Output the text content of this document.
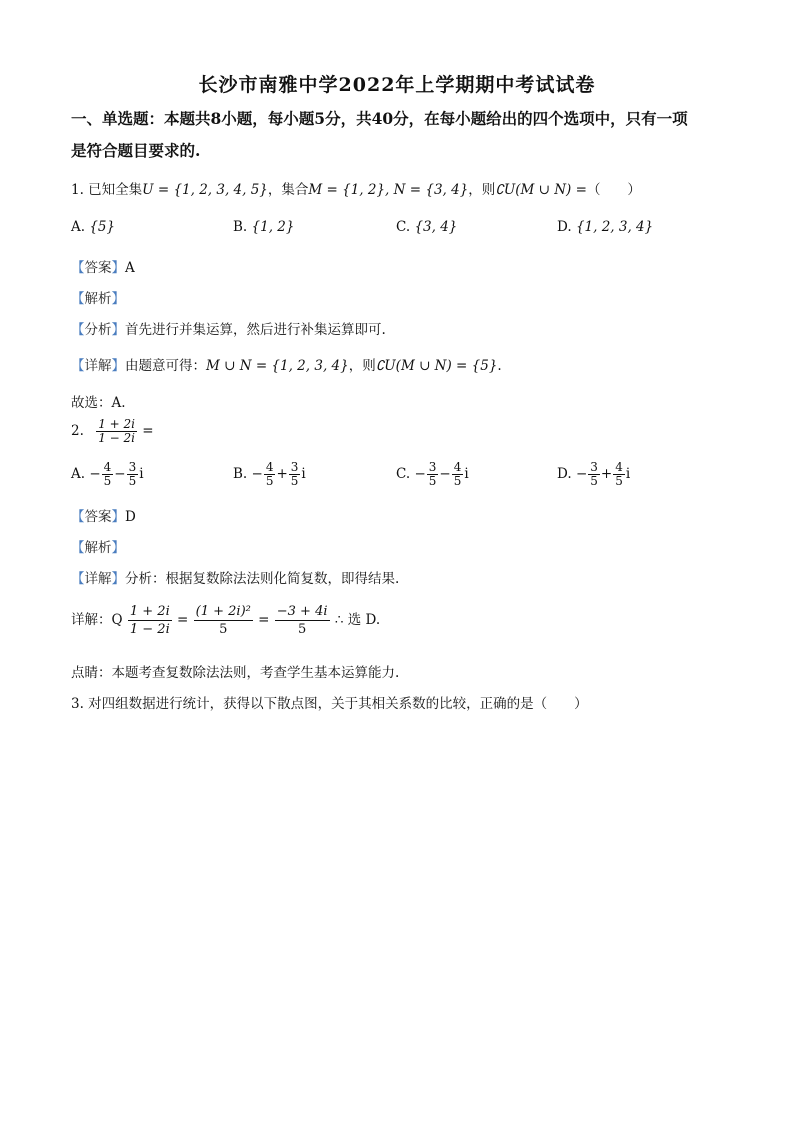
长沙市南雅中学2022年上学期期中考试试卷
一、单选题：本题共8小题，每小题5分，共40分，在每小题给出的四个选项中，只有一项
是符合题目要求的.
1. 已知全集U = {1, 2, 3, 4, 5}，集合M = {1, 2}, N = {3, 4}，则∁U(M ∪ N) =（　　）
A. {5}	B. {1, 2}	C. {3, 4}	D. {1, 2, 3, 4}
【答案】A
【解析】
【分析】首先进行并集运算，然后进行补集运算即可.
【详解】由题意可得：M ∪ N = {1, 2, 3, 4}，则∁U(M ∪ N) = {5}.
故选：A.
2. $\frac{1 + 2i}{1 - 2i}$ =
A. − $\frac{4}{5} - \frac{3}{5}$ i	B. − $\frac{4}{5} + \frac{3}{5}$ i	C. − $\frac{3}{5} - \frac{4}{5}$ i	D. − $\frac{3}{5} + \frac{4}{5}$ i
【答案】D
【解析】
【详解】分析：根据复数除法法则化简复数，即得结果.
详解：Q $\frac{1 + 2i}{1 - 2i} = \frac{\text{(1 + 2i)²}}{5} = \frac{-3 + 4i}{5}$ ∴ 选 D.
点睛：本题考查复数除法法则，考查学生基本运算能力.
3. 对四组数据进行统计，获得以下散点图，关于其相关系数的比较，正确的是（　　）
